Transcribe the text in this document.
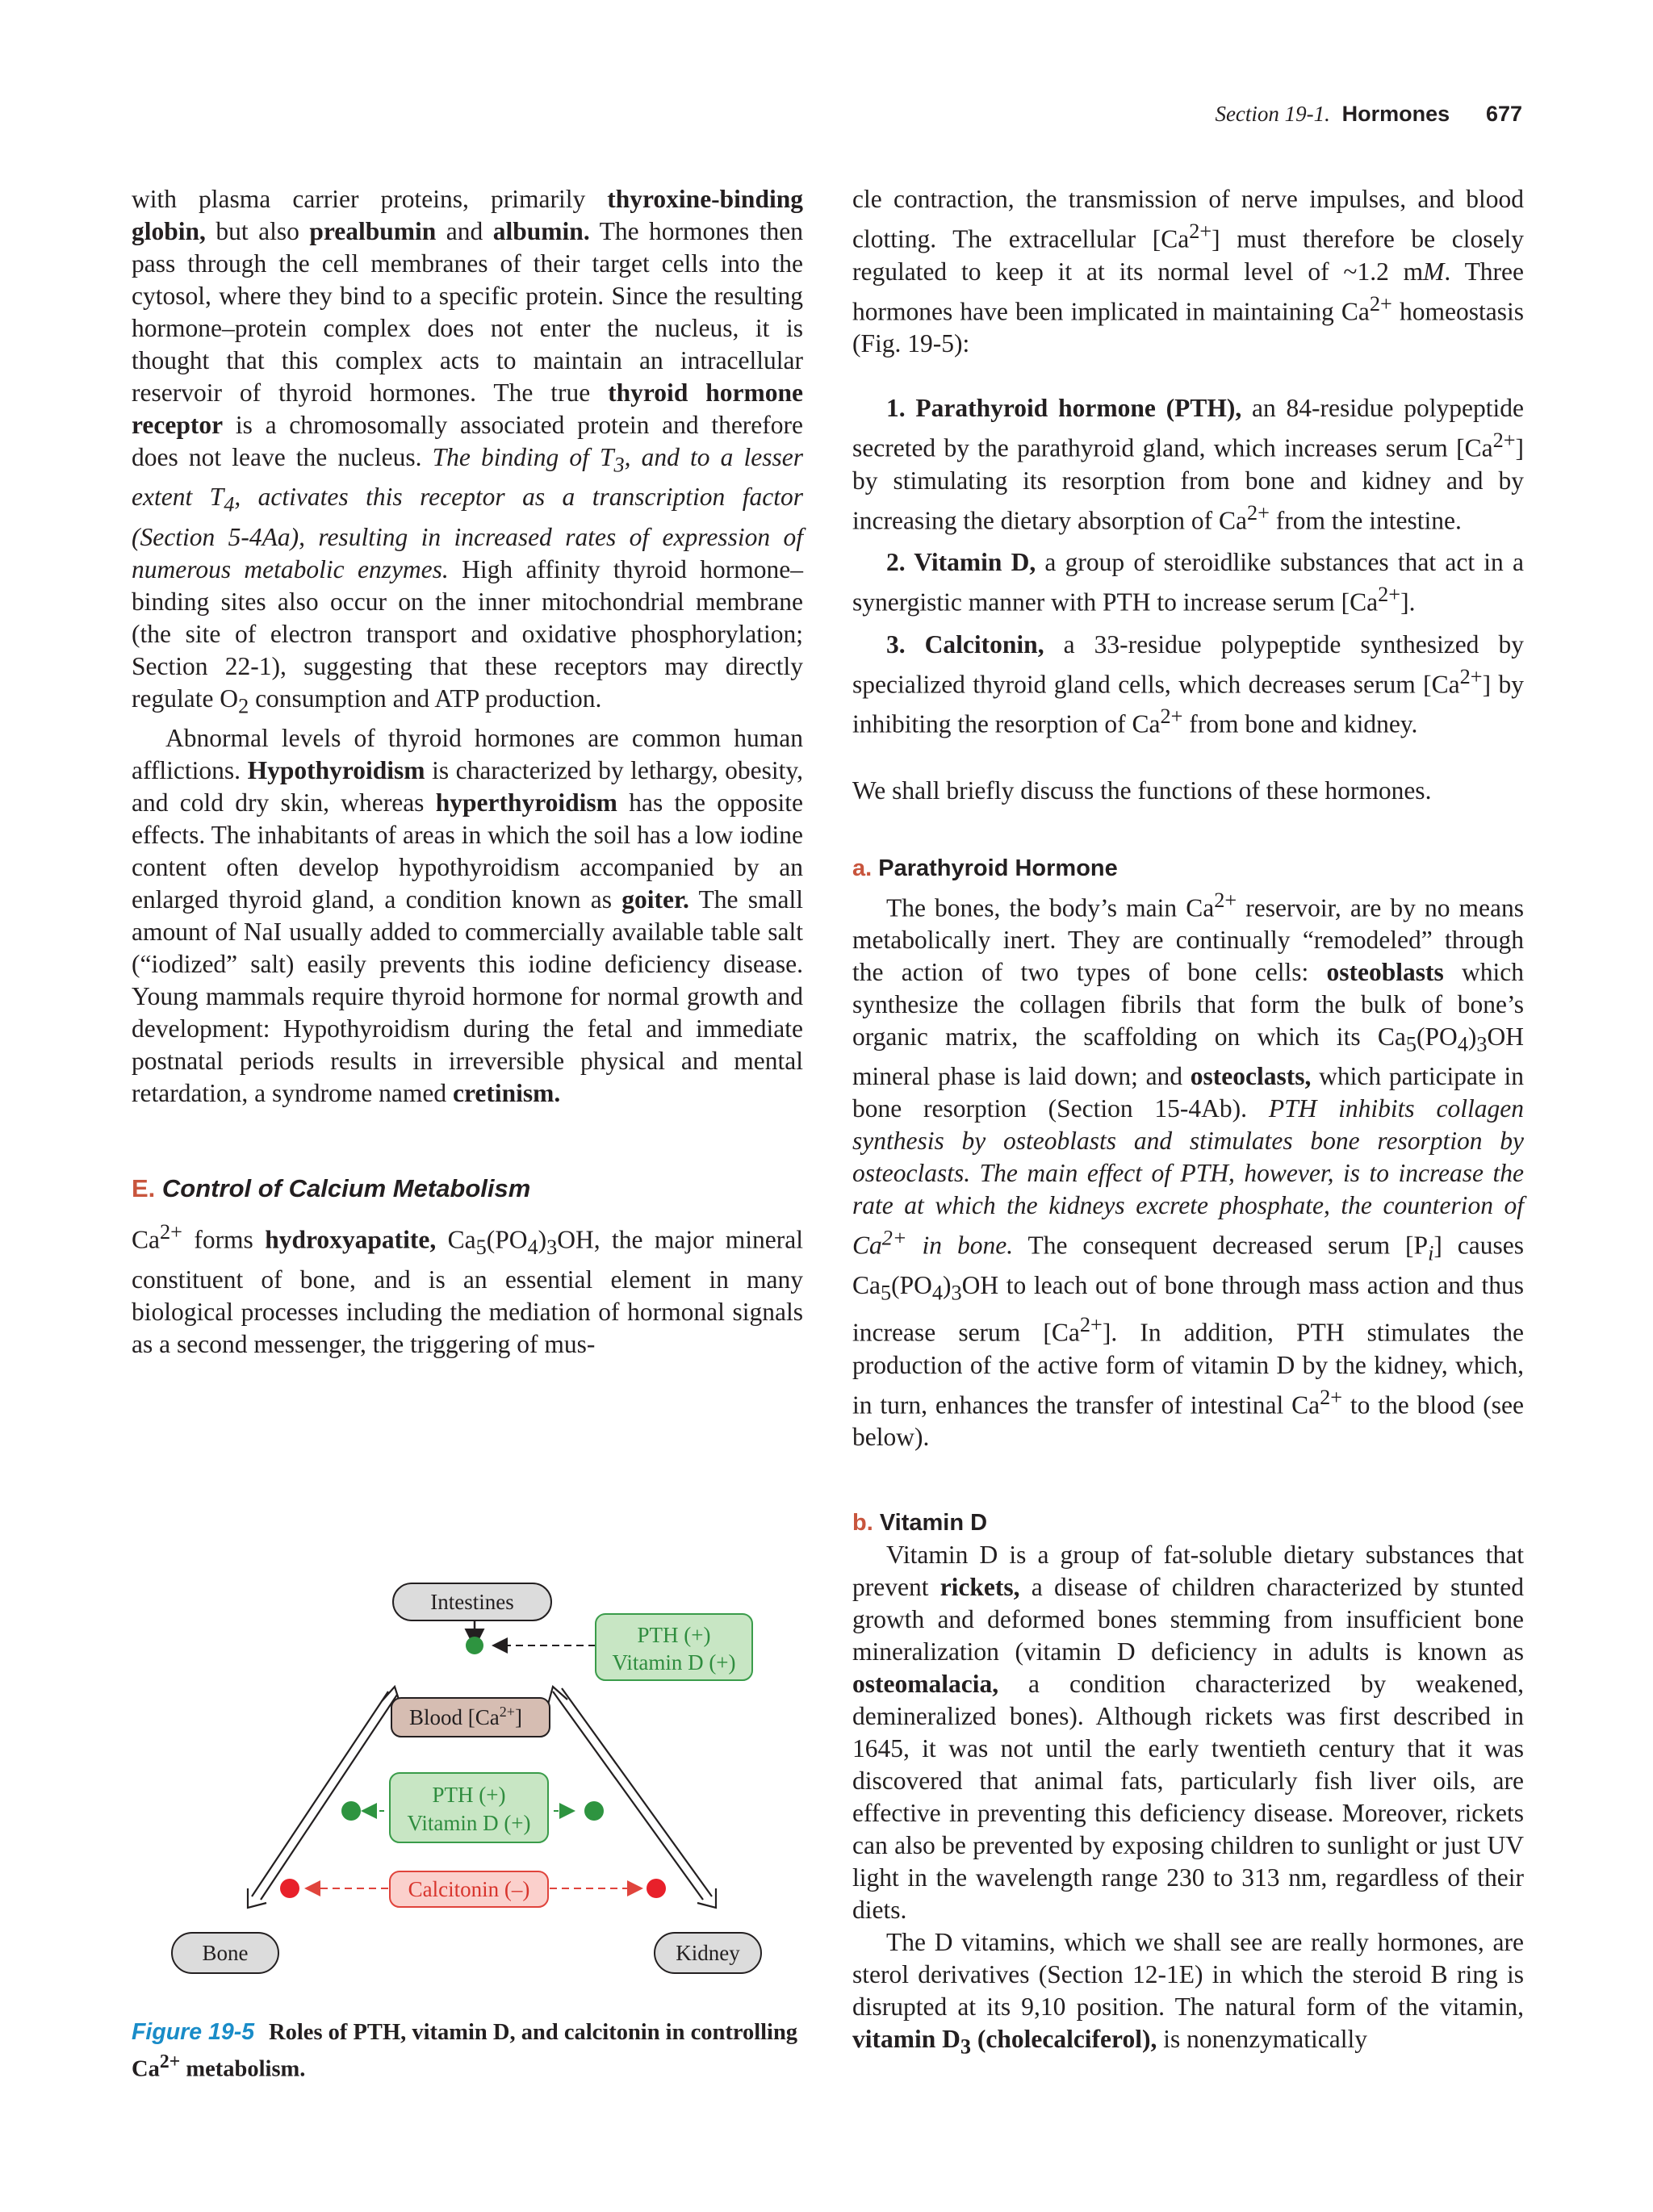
Section 19-1. Hormones 677

with plasma carrier proteins, primarily thyroxine-binding globin, but also prealbumin and albumin. The hormones then pass through the cell membranes of their target cells into the cytosol, where they bind to a specific protein. Since the resulting hormone–protein complex does not enter the nucleus, it is thought that this complex acts to maintain an intracellular reservoir of thyroid hormones. The true thyroid hormone receptor is a chromosomally associated protein and therefore does not leave the nucleus. The binding of $T_3$, and to a lesser extent $T_4$, activates this receptor as a transcription factor (Section 5-4Aa), resulting in increased rates of expression of numerous metabolic enzymes. High affinity thyroid hormone–binding sites also occur on the inner mitochondrial membrane (the site of electron transport and oxidative phosphorylation; Section 22-1), suggesting that these receptors may directly regulate $O_2$ consumption and ATP production.

Abnormal levels of thyroid hormones are common human afflictions. Hypothyroidism is characterized by lethargy, obesity, and cold dry skin, whereas hyperthyroidism has the opposite effects. The inhabitants of areas in which the soil has a low iodine content often develop hypothyroidism accompanied by an enlarged thyroid gland, a condition known as goiter. The small amount of NaI usually added to commercially available table salt (“iodized” salt) easily prevents this iodine deficiency disease. Young mammals require thyroid hormone for normal growth and development: Hypothyroidism during the fetal and immediate postnatal periods results in irreversible physical and mental retardation, a syndrome named cretinism.

E. Control of Calcium Metabolism

$Ca^{2+}$ forms hydroxyapatite, $Ca_5(PO_4)_3OH$, the major mineral constituent of bone, and is an essential element in many biological processes including the mediation of hormonal signals as a second messenger, the triggering of mus-

Intestines
Blood $[Ca^{2+}]$
Bone	Kidney
PTH (+)
Vitamin D (+)
PTH (+)
Vitamin D (+)
Calcitonin (–)
Figure 19-5 Roles of PTH, vitamin D, and calcitonin in controlling $Ca^{2+}$ metabolism.

cle contraction, the transmission of nerve impulses, and blood clotting. The extracellular $[Ca^{2+}]$ must therefore be closely regulated to keep it at its normal level of ~1.2 mM. Three hormones have been implicated in maintaining $Ca^{2+}$ homeostasis (Fig. 19-5):

1. Parathyroid hormone (PTH), an 84-residue polypeptide secreted by the parathyroid gland, which increases serum $[Ca^{2+}]$ by stimulating its resorption from bone and kidney and by increasing the dietary absorption of $Ca^{2+}$ from the intestine.

2. Vitamin D, a group of steroidlike substances that act in a synergistic manner with PTH to increase serum $[Ca^{2+}]$.

3. Calcitonin, a 33-residue polypeptide synthesized by specialized thyroid gland cells, which decreases serum $[Ca^{2+}]$ by inhibiting the resorption of $Ca^{2+}$ from bone and kidney.

We shall briefly discuss the functions of these hormones.

a. Parathyroid Hormone

The bones, the body’s main $Ca^{2+}$ reservoir, are by no means metabolically inert. They are continually “remodeled” through the action of two types of bone cells: osteoblasts which synthesize the collagen fibrils that form the bulk of bone’s organic matrix, the scaffolding on which its $Ca_5(PO_4)_3OH$ mineral phase is laid down; and osteoclasts, which participate in bone resorption (Section 15-4Ab). PTH inhibits collagen synthesis by osteoblasts and stimulates bone resorption by osteoclasts. The main effect of PTH, however, is to increase the rate at which the kidneys excrete phosphate, the counterion of $Ca^{2+}$ in bone. The consequent decreased serum $[P_i]$ causes $Ca_5(PO_4)_3OH$ to leach out of bone through mass action and thus increase serum $[Ca^{2+}]$. In addition, PTH stimulates the production of the active form of vitamin D by the kidney, which, in turn, enhances the transfer of intestinal $Ca^{2+}$ to the blood (see below).

b. Vitamin D

Vitamin D is a group of fat-soluble dietary substances that prevent rickets, a disease of children characterized by stunted growth and deformed bones stemming from insufficient bone mineralization (vitamin D deficiency in adults is known as osteomalacia, a condition characterized by weakened, demineralized bones). Although rickets was first described in 1645, it was not until the early twentieth century that it was discovered that animal fats, particularly fish liver oils, are effective in preventing this deficiency disease. Moreover, rickets can also be prevented by exposing children to sunlight or just UV light in the wavelength range 230 to 313 nm, regardless of their diets.

The D vitamins, which we shall see are really hormones, are sterol derivatives (Section 12-1E) in which the steroid B ring is disrupted at its 9,10 position. The natural form of the vitamin, vitamin $D_3$ (cholecalciferol), is nonenzymatically
